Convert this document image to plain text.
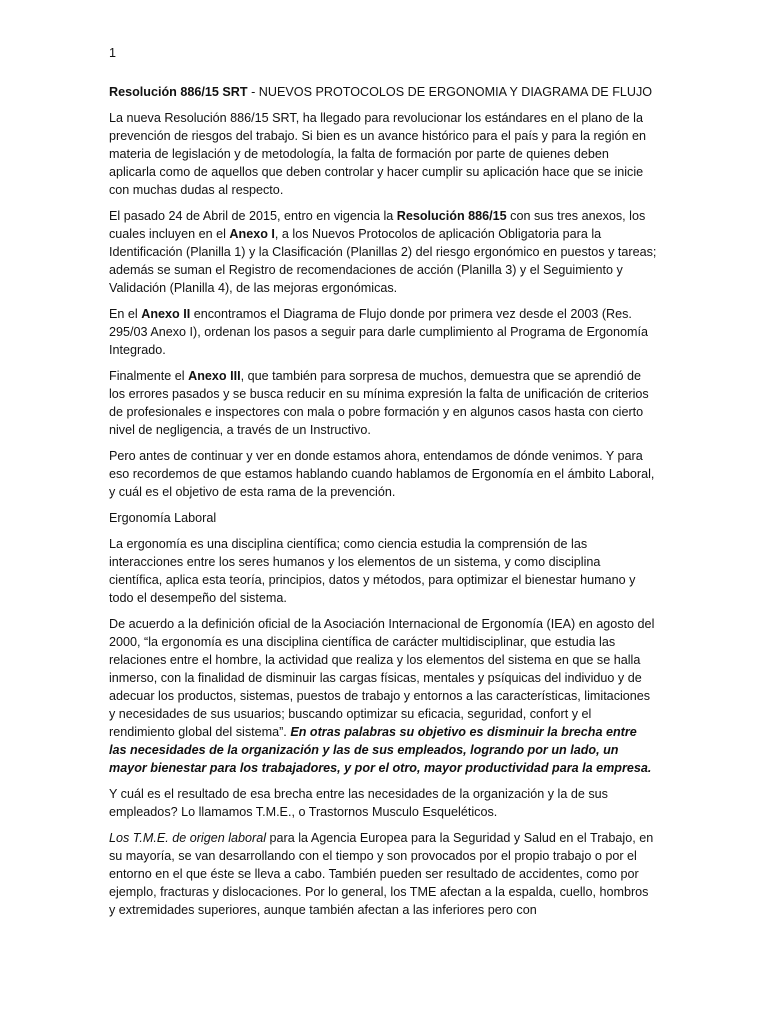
1
Resolución 886/15 SRT - NUEVOS PROTOCOLOS DE ERGONOMIA Y DIAGRAMA DE FLUJO

La nueva Resolución 886/15 SRT, ha llegado para revolucionar los estándares en el plano de la prevención de riesgos del trabajo. Si bien es un avance histórico para el país y para la región en materia de legislación y de metodología, la falta de formación por parte de quienes deben aplicarla como de aquellos que deben controlar y hacer cumplir su aplicación hace que se inicie con muchas dudas al respecto.

El pasado 24 de Abril de 2015, entro en vigencia la Resolución 886/15 con sus tres anexos, los cuales incluyen en el Anexo I, a los Nuevos Protocolos de aplicación Obligatoria para la Identificación (Planilla 1) y la Clasificación (Planillas 2) del riesgo ergonómico en puestos y tareas; además se suman el Registro de recomendaciones de acción (Planilla 3) y el Seguimiento y Validación (Planilla 4), de las mejoras ergonómicas.

En el Anexo II encontramos el Diagrama de Flujo donde por primera vez desde el 2003 (Res. 295/03 Anexo I), ordenan los pasos a seguir para darle cumplimiento al Programa de Ergonomía Integrado.

Finalmente el Anexo III, que también para sorpresa de muchos, demuestra que se aprendió de los errores pasados y se busca reducir en su mínima expresión la falta de unificación de criterios de profesionales e inspectores con mala o pobre formación y en algunos casos hasta con cierto nivel de negligencia, a través de un Instructivo.

Pero antes de continuar y ver en donde estamos ahora, entendamos de dónde venimos. Y para eso recordemos de que estamos hablando cuando hablamos de Ergonomía en el ámbito Laboral, y cuál es el objetivo de esta rama de la prevención.

Ergonomía Laboral

La ergonomía es una disciplina científica; como ciencia estudia la comprensión de las interacciones entre los seres humanos y los elementos de un sistema, y como disciplina científica, aplica esta teoría, principios, datos y métodos, para optimizar el bienestar humano y todo el desempeño del sistema.

De acuerdo a la definición oficial de la Asociación Internacional de Ergonomía (IEA) en agosto del 2000, “la ergonomía es una disciplina científica de carácter multidisciplinar, que estudia las relaciones entre el hombre, la actividad que realiza y los elementos del sistema en que se halla inmerso, con la finalidad de disminuir las cargas físicas, mentales y psíquicas del individuo y de adecuar los productos, sistemas, puestos de trabajo y entornos a las características, limitaciones y necesidades de sus usuarios; buscando optimizar su eficacia, seguridad, confort y el rendimiento global del sistema”. En otras palabras su objetivo es disminuir la brecha entre las necesidades de la organización y las de sus empleados, logrando por un lado, un mayor bienestar para los trabajadores, y por el otro, mayor productividad para la empresa.

Y cuál es el resultado de esa brecha entre las necesidades de la organización y la de sus empleados? Lo llamamos T.M.E., o Trastornos Musculo Esqueléticos.

Los T.M.E. de origen laboral para la Agencia Europea para la Seguridad y Salud en el Trabajo, en su mayoría, se van desarrollando con el tiempo y son provocados por el propio trabajo o por el entorno en el que éste se lleva a cabo. También pueden ser resultado de accidentes, como por ejemplo, fracturas y dislocaciones. Por lo general, los TME afectan a la espalda, cuello, hombros y extremidades superiores, aunque también afectan a las inferiores pero con
